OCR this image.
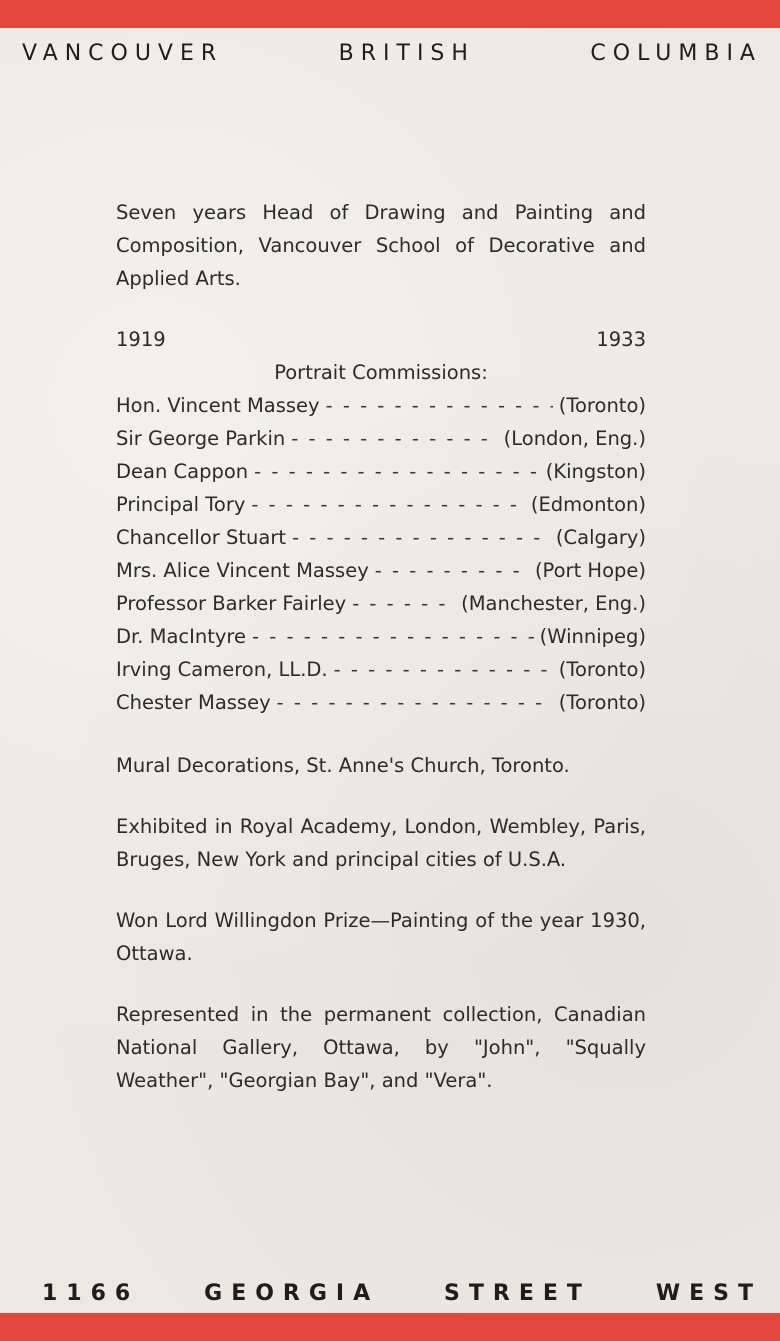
VANCOUVER	BRITISH	COLUMBIA
Seven years Head of Drawing and Painting and Composition, Vancouver School of Decorative and Applied Arts.
1919	1933
Portrait Commissions:
Hon. Vincent Massey - - -	(Toronto)
Sir George Parkin - - -	(London, Eng.)
Dean Cappon - - -	(Kingston)
Principal Tory - - -	(Edmonton)
Chancellor Stuart - - -	(Calgary)
Mrs. Alice Vincent Massey - - -	(Port Hope)
Professor Barker Fairley - - -	(Manchester, Eng.)
Dr. MacIntyre - - -	(Winnipeg)
Irving Cameron, LL.D. - - -	(Toronto)
Chester Massey - - -	(Toronto)
Mural Decorations, St. Anne's Church, Toronto.
Exhibited in Royal Academy, London, Wembley, Paris, Bruges, New York and principal cities of U.S.A.
Won Lord Willingdon Prize—Painting of the year 1930, Ottawa.
Represented in the permanent collection, Canadian National Gallery, Ottawa, by "John", "Squally Weather", "Georgian Bay", and "Vera".
1166	GEORGIA	STREET	WEST
